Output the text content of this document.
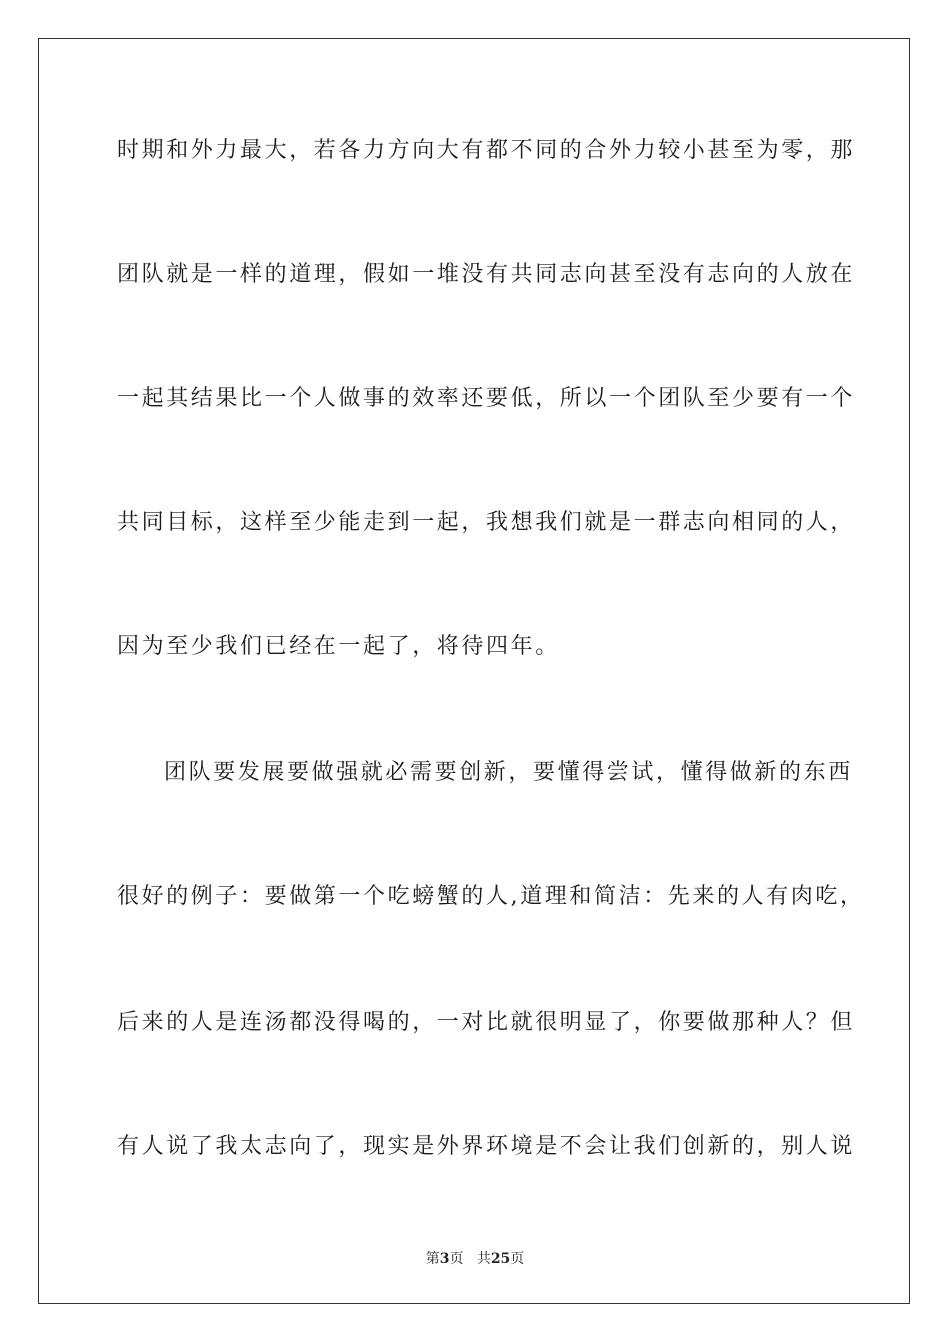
时期和外力最大，若各力方向大有都不同的合外力较小甚至为零，那
团队就是一样的道理，假如一堆没有共同志向甚至没有志向的人放在
一起其结果比一个人做事的效率还要低，所以一个团队至少要有一个
共同目标，这样至少能走到一起，我想我们就是一群志向相同的人，
因为至少我们已经在一起了，将待四年。
团队要发展要做强就必需要创新，要懂得尝试，懂得做新的东西
很好的例子：要做第一个吃螃蟹的人,道理和简洁：先来的人有肉吃，
后来的人是连汤都没得喝的，一对比就很明显了，你要做那种人？但
有人说了我太志向了，现实是外界环境是不会让我们创新的，别人说
第3页 共25页
